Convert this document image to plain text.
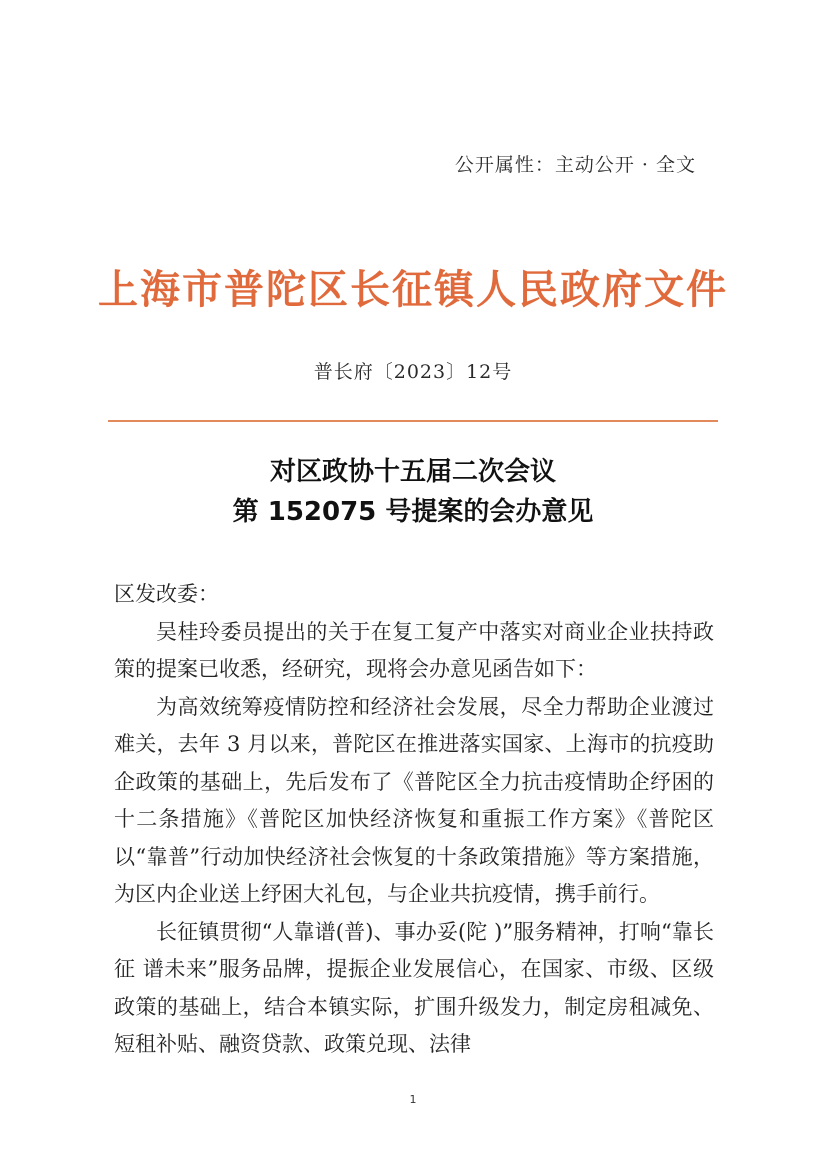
公开属性：主动公开 · 全文
上海市普陀区长征镇人民政府文件
普长府〔2023〕12号
对区政协十五届二次会议
第 152075 号提案的会办意见

区发改委：

吴桂玲委员提出的关于在复工复产中落实对商业企业扶持政策的提案已收悉，经研究，现将会办意见函告如下：

为高效统筹疫情防控和经济社会发展，尽全力帮助企业渡过难关，去年 3 月以来，普陀区在推进落实国家、上海市的抗疫助企政策的基础上，先后发布了《普陀区全力抗击疫情助企纾困的十二条措施》《普陀区加快经济恢复和重振工作方案》《普陀区以“靠普”行动加快经济社会恢复的十条政策措施》等方案措施，为区内企业送上纾困大礼包，与企业共抗疫情，携手前行。

长征镇贯彻“人靠谱(普)、事办妥(陀 )”服务精神，打响“靠长征 谱未来”服务品牌，提振企业发展信心，在国家、市级、区级政策的基础上，结合本镇实际，扩围升级发力，制定房租减免、短租补贴、融资贷款、政策兑现、法律

1
